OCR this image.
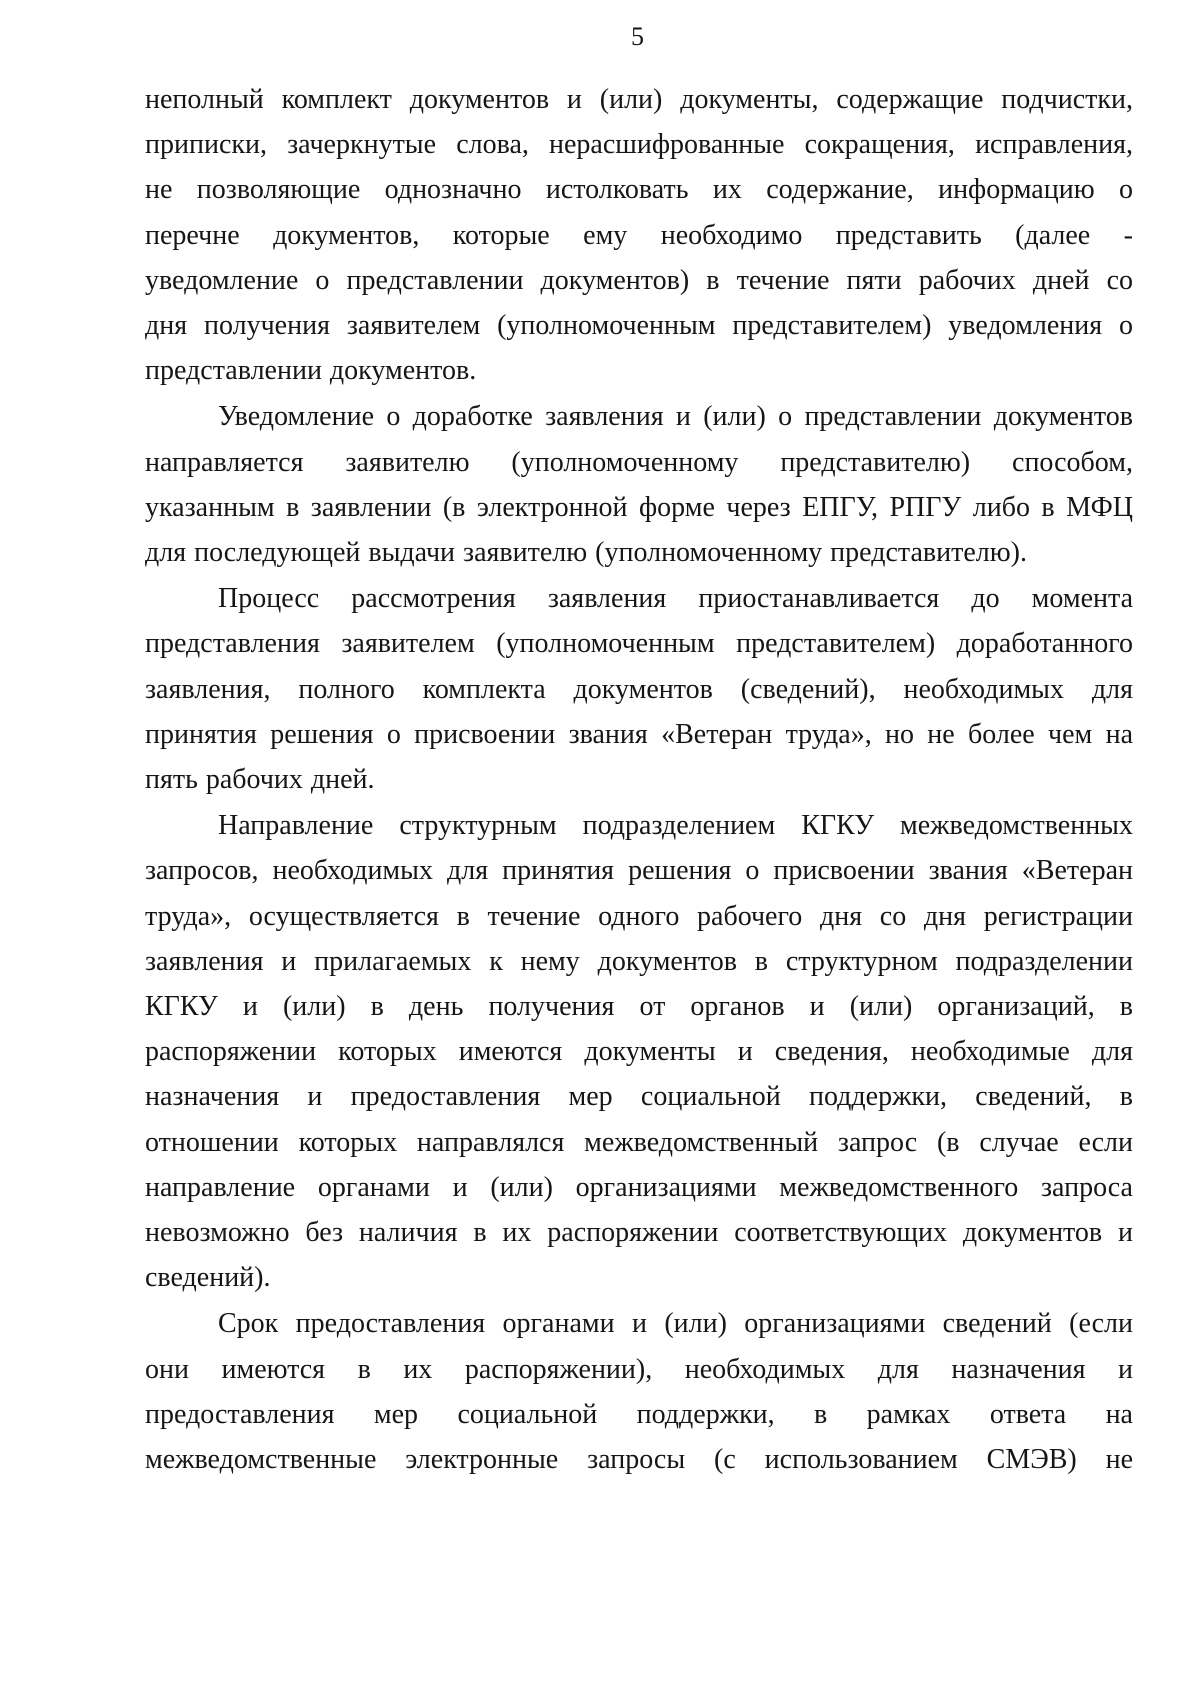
5

неполный комплект документов и (или) документы, содержащие подчистки,
приписки, зачеркнутые слова, нерасшифрованные сокращения, исправления,
не позволяющие однозначно истолковать их содержание, информацию о
перечне документов, которые ему необходимо представить (далее -
уведомление о представлении документов) в течение пяти рабочих дней со
дня получения заявителем (уполномоченным представителем) уведомления о
представлении документов.

Уведомление о доработке заявления и (или) о представлении документов
направляется заявителю (уполномоченному представителю) способом,
указанным в заявлении (в электронной форме через ЕПГУ, РПГУ либо в МФЦ
для последующей выдачи заявителю (уполномоченному представителю).

Процесс рассмотрения заявления приостанавливается до момента
представления заявителем (уполномоченным представителем) доработанного
заявления, полного комплекта документов (сведений), необходимых для
принятия решения о присвоении звания «Ветеран труда», но не более чем на
пять рабочих дней.

Направление структурным подразделением КГКУ межведомственных
запросов, необходимых для принятия решения о присвоении звания «Ветеран
труда», осуществляется в течение одного рабочего дня со дня регистрации
заявления и прилагаемых к нему документов в структурном подразделении
КГКУ и (или) в день получения от органов и (или) организаций, в
распоряжении которых имеются документы и сведения, необходимые для
назначения и предоставления мер социальной поддержки, сведений, в
отношении которых направлялся межведомственный запрос (в случае если
направление органами и (или) организациями межведомственного запроса
невозможно без наличия в их распоряжении соответствующих документов и
сведений).

Срок предоставления органами и (или) организациями сведений (если
они имеются в их распоряжении), необходимых для назначения и
предоставления мер социальной поддержки, в рамках ответа на
межведомственные электронные запросы (с использованием СМЭВ) не
